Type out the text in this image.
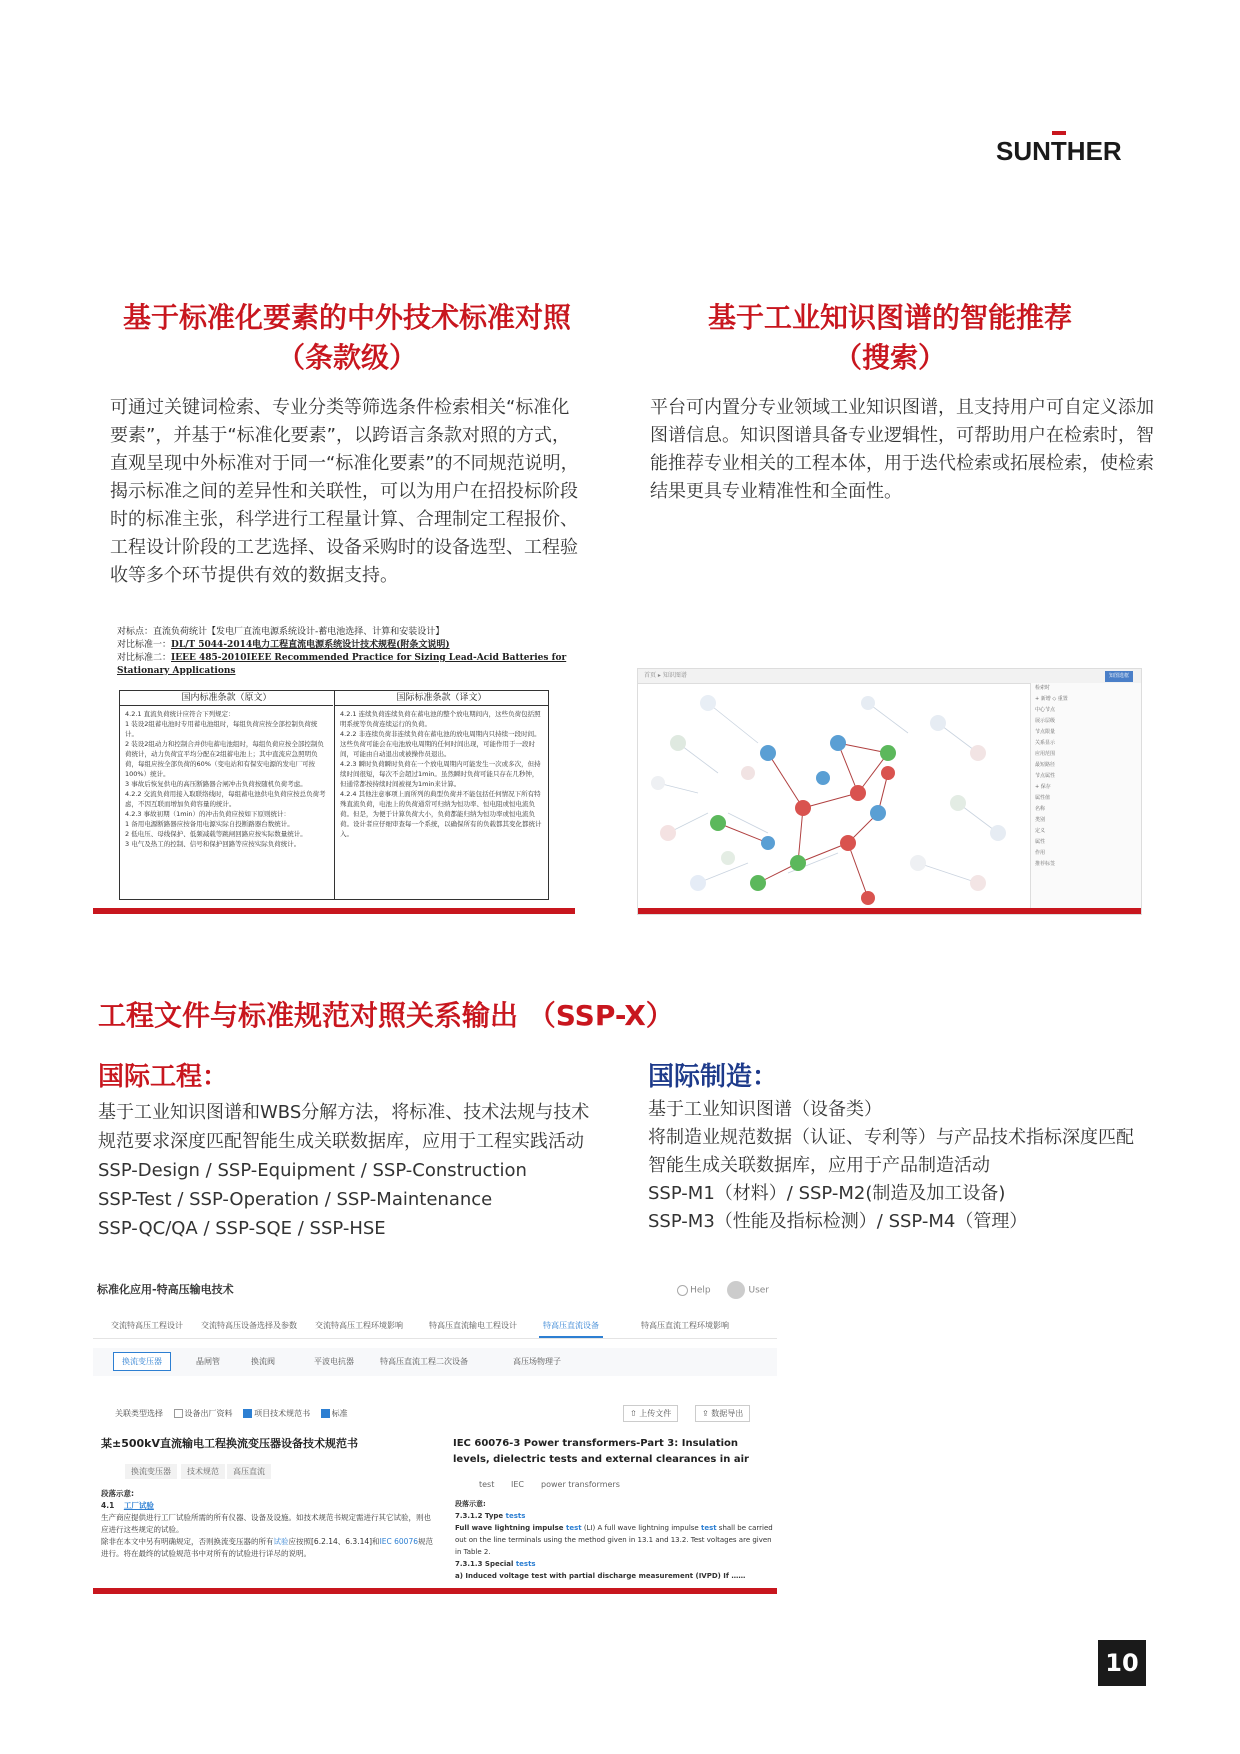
SUNTHER
基于标准化要素的中外技术标准对照
（条款级）
可通过关键词检索、专业分类等筛选条件检索相关“标准化要素”，并基于“标准化要素”，以跨语言条款对照的方式，直观呈现中外标准对于同一“标准化要素”的不同规范说明，揭示标准之间的差异性和关联性，可以为用户在招投标阶段时的标准主张，科学进行工程量计算、合理制定工程报价、工程设计阶段的工艺选择、设备采购时的设备选型、工程验收等多个环节提供有效的数据支持。
基于工业知识图谱的智能推荐
（搜索）
平台可内置分专业领域工业知识图谱，且支持用户可自定义添加图谱信息。知识图谱具备专业逻辑性，可帮助用户在检索时，智能推荐专业相关的工程本体，用于迭代检索或拓展检索，使检索结果更具专业精准性和全面性。
对标点：直流负荷统计【发电厂直流电源系统设计-蓄电池选择、计算和安装设计】
对比标准一：DL/T 5044-2014电力工程直流电源系统设计技术规程(附条文说明)
对比标准二：IEEE 485-2010IEEE Recommended Practice for Sizing Lead-Acid Batteries for Stationary Applications
国内标准条款（原文）
4.2.1 直流负荷统计应符合下列规定：
1 装设2组蓄电池时专用蓄电池组时，每组负荷应按全部控制负荷统计。
2 装设2组动力和控制合并供电蓄电池组时，每组负荷应按全部控制负荷统计，动力负荷宜平均分配在2组蓄电池上；其中直流应急照明负荷，每组应按全部负荷的60%（变电站和有保安电源的发电厂可按100%）统计。
3 事故后恢复供电的高压断路器合闸冲击负荷按随机负荷考虑。
4.2.2 交流负荷用接入取联络线时，每组蓄电池供电负荷应按总负荷考虑，不因互联而增加负荷容量的统计。
4.2.3 事故初期（1min）的冲击负荷应按如下原则统计：
1 备用电源断路器应按备用电源实际自投断路器台数统计。
2 低电压、母线保护、低频减载等跳闸回路应按实际数量统计。
3 电气及热工的控制、信号和保护回路等应按实际负荷统计。
国际标准条款（译文）
4.2.1 连续负荷连续负荷在蓄电池的整个放电期间内，这些负荷包括照明系统等负荷连续运行的负荷。
4.2.2 非连续负荷非连续负荷在蓄电池的放电周期内只持续一段时间。这些负荷可能会在电池放电周期的任何时间出现，可能作用于一段时间，可能由自动退出或被操作员退出。
4.2.3 瞬时负荷瞬时负荷在一个放电周期内可能发生一次或多次，但持续时间很短，每次不会超过1min。虽然瞬时负荷可能只存在几秒钟，但通常都按持续时间被视为1min来计算。
4.2.4 其他注意事项上面所列的典型负荷并不能包括任何情况下所有特殊直流负荷，电池上的负荷通常可归纳为恒功率、恒电阻或恒电流负荷。但是，为便于计算负荷大小，负荷都能归纳为恒功率或恒电流负荷。设计者应仔细审查每一个系统，以确保所有的负载都其变化都统计入。
首页 ▸ 知识图谱	知图选框
检索时
+ 新增 ◇ 重置
中心节点
展示层级
节点限量
关系显示
应用范围
最短路径
节点属性
+ 保存
属性值
名称
类别
定义
属性
作用
推荐标签
工程文件与标准规范对照关系输出 （SSP-X）
国际工程：
基于工业知识图谱和WBS分解方法，将标准、技术法规与技术
规范要求深度匹配智能生成关联数据库，应用于工程实践活动
SSP-Design / SSP-Equipment / SSP-Construction
SSP-Test / SSP-Operation / SSP-Maintenance
SSP-QC/QA / SSP-SQE / SSP-HSE
国际制造：
基于工业知识图谱（设备类）
将制造业规范数据（认证、专利等）与产品技术指标深度匹配
智能生成关联数据库，应用于产品制造活动
SSP-M1（材料）/ SSP-M2(制造及加工设备)
SSP-M3（性能及指标检测）/ SSP-M4（管理）
标准化应用-特高压输电技术	Help	User
交流特高压工程设计 交流特高压设备选择及参数 交流特高压工程环境影响	特高压直流输电工程设计	特高压直流设备	特高压直流工程环境影响
换流变压器	晶闸管	换流阀	平波电抗器	特高压直流工程二次设备	高压场物理子
关联类型选择	设备出厂资料	项目技术规范书	标准	⇧ 上传文件	⇪ 数据导出
某±500kV直流输电工程换流变压器设备技术规范书
换流变压器	技术规范	高压直流
段落示意:
4.1 工厂试验
生产商应提供进行工厂试验所需的所有仪器、设备及设施。如技术规范书规定需进行其它试验，则也应进行这些规定的试验。
除非在本文中另有明确规定，否则换流变压器的所有试验应按照[6.2.14、6.3.14]和IEC 60076规范进行。将在最终的试验规范书中对所有的试验进行详尽的说明。
IEC 60076-3 Power transformers-Part 3: Insulation levels, dielectric tests and external clearances in air
test	IEC	power transformers
段落示意:
7.3.1.2 Type tests
Full wave lightning impulse test (LI) A full wave lightning impulse test shall be carried out on the line terminals using the method given in 13.1 and 13.2. Test voltages are given in Table 2.
7.3.1.3 Special tests
a) Induced voltage test with partial discharge measurement (IVPD) If ……
10
